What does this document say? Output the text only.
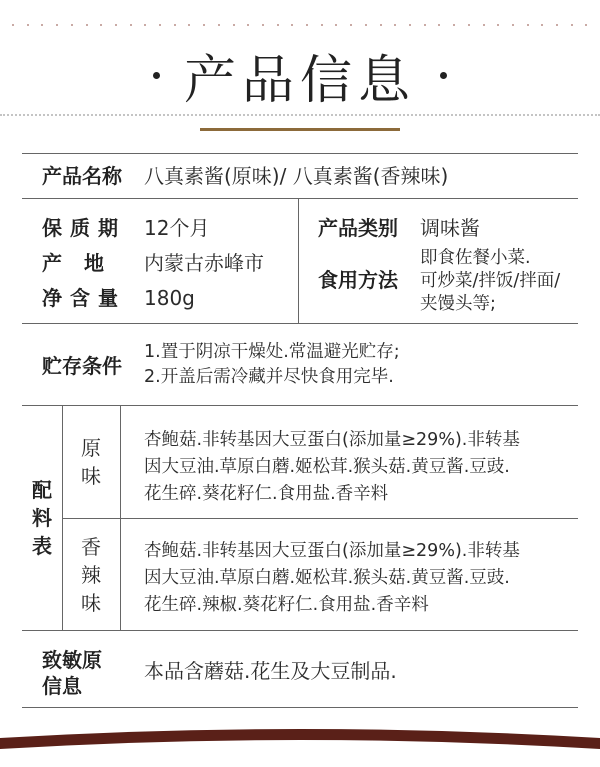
产品信息
产品名称 八真素酱(原味)/ 八真素酱(香辣味)
保质期 12个月
产地 内蒙古赤峰市
净含量 180g
产品类别 调味酱
食用方法
即食佐餐小菜.
可炒菜/拌饭/拌面/
夹馒头等;
贮存条件
1.置于阴凉干燥处.常温避光贮存;
2.开盖后需冷藏并尽快食用完毕.
配料表
原味
杏鲍菇.非转基因大豆蛋白(添加量≥29%).非转基因大豆油.草原白蘑.姬松茸.猴头菇.黄豆酱.豆豉.花生碎.葵花籽仁.食用盐.香辛料
香辣味
杏鲍菇.非转基因大豆蛋白(添加量≥29%).非转基因大豆油.草原白蘑.姬松茸.猴头菇.黄豆酱.豆豉.花生碎.辣椒.葵花籽仁.食用盐.香辛料
致敏原信息
本品含蘑菇.花生及大豆制品.
